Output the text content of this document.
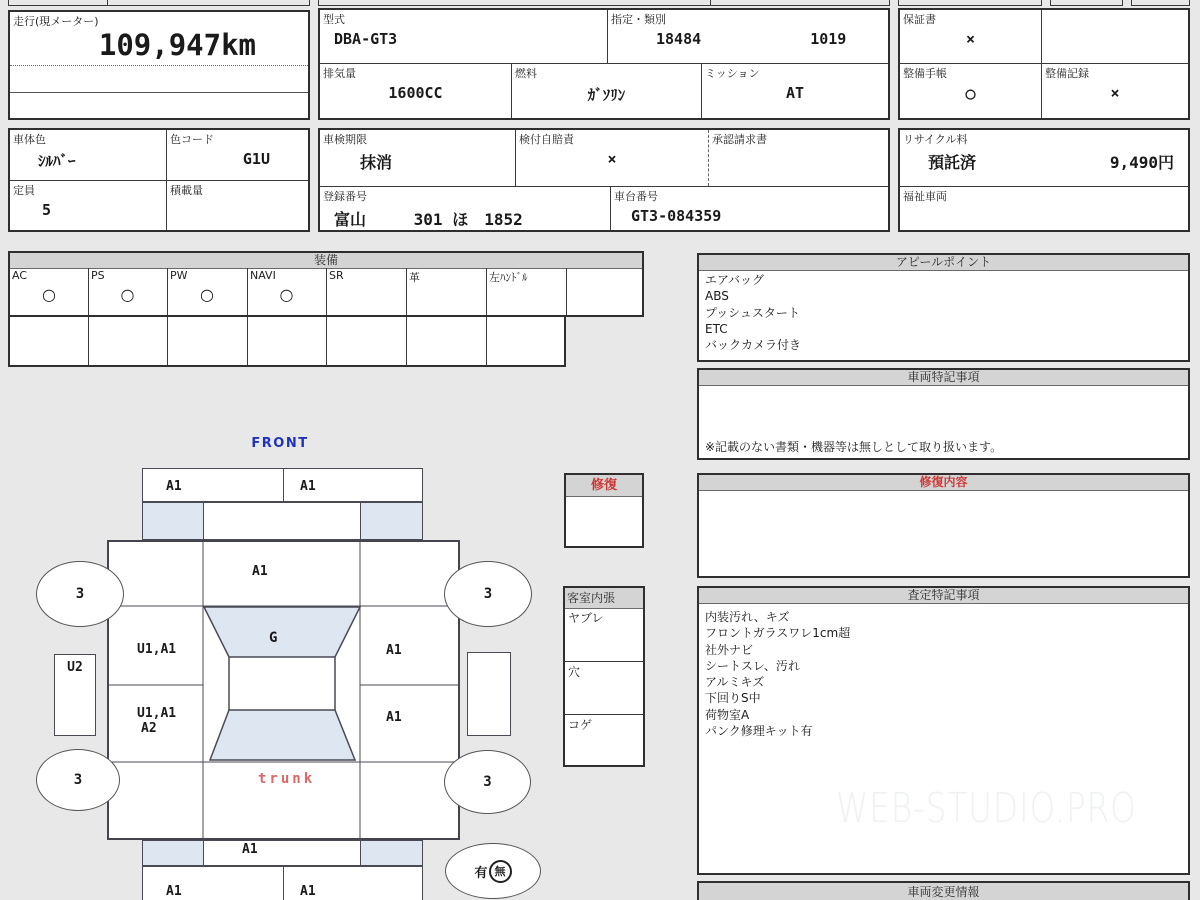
走行(現メーター)
109,947km
車体色
ｼﾙﾊﾞｰ
色コード
G1U
定員
5
積載量
型式
DBA-GT3
指定・類別
18484	1019
排気量
1600CC
燃料
ｶﾞｿﾘﾝ
ミッション
AT
車検期限
抹消
検付自賠責
×
承認請求書
登録番号
富山	301 ほ　1852
車台番号
GT3-084359
保証書
×
整備手帳
○
整備記録
×
リサイクル料
預託済	9,490円
福祉車両
装備
AC	PS	PW	NAVI	SR	革	左ﾊﾝﾄﾞﾙ
○	○	○	○
アピールポイント
エアバッグ
ABS
プッシュスタート
ETC
バックカメラ付き
車両特記事項
※記載のない書類・機器等は無しとして取り扱います。
修復内容
査定特記事項
内装汚れ、キズ
フロントガラスワレ1cm超
社外ナビ
シートスレ、汚れ
アルミキズ
下回りS中
荷物室A
パンク修理キット有
車両変更情報
修復
客室内張
ヤブレ
穴
コゲ
FRONT
A1	A1
A1
G
U1,A1	A1
U1,A1
A2
A1
trunk
U2
3	3
3	3
A1
A1	A1
有 無
WEB-STUDIO.PRO
